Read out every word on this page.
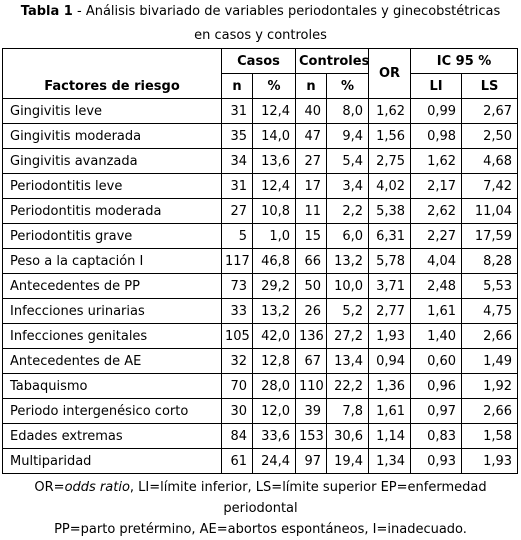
Tabla 1 - Análisis bivariado de variables periodontales y ginecobstétricas
en casos y controles
Factores de riesgo	Casos		Controles		OR	IC 95 %	
	n	%	n	%		LI	LS
Gingivitis leve	31	12,4	40	8,0	1,62	0,99	2,67
Gingivitis moderada	35	14,0	47	9,4	1,56	0,98	2,50
Gingivitis avanzada	34	13,6	27	5,4	2,75	1,62	4,68
Periodontitis leve	31	12,4	17	3,4	4,02	2,17	7,42
Periodontitis moderada	27	10,8	11	2,2	5,38	2,62	11,04
Periodontitis grave	5	1,0	15	6,0	6,31	2,27	17,59
Peso a la captación I	117	46,8	66	13,2	5,78	4,04	8,28
Antecedentes de PP	73	29,2	50	10,0	3,71	2,48	5,53
Infecciones urinarias	33	13,2	26	5,2	2,77	1,61	4,75
Infecciones genitales	105	42,0	136	27,2	1,93	1,40	2,66
Antecedentes de AE	32	12,8	67	13,4	0,94	0,60	1,49
Tabaquismo	70	28,0	110	22,2	1,36	0,96	1,92
Periodo intergenésico corto	30	12,0	39	7,8	1,61	0,97	2,66
Edades extremas	84	33,6	153	30,6	1,14	0,83	1,58
Multiparidad	61	24,4	97	19,4	1,34	0,93	1,93
OR=odds ratio, LI=límite inferior, LS=límite superior EP=enfermedad periodontal
PP=parto pretérmino, AE=abortos espontáneos, I=inadecuado.
